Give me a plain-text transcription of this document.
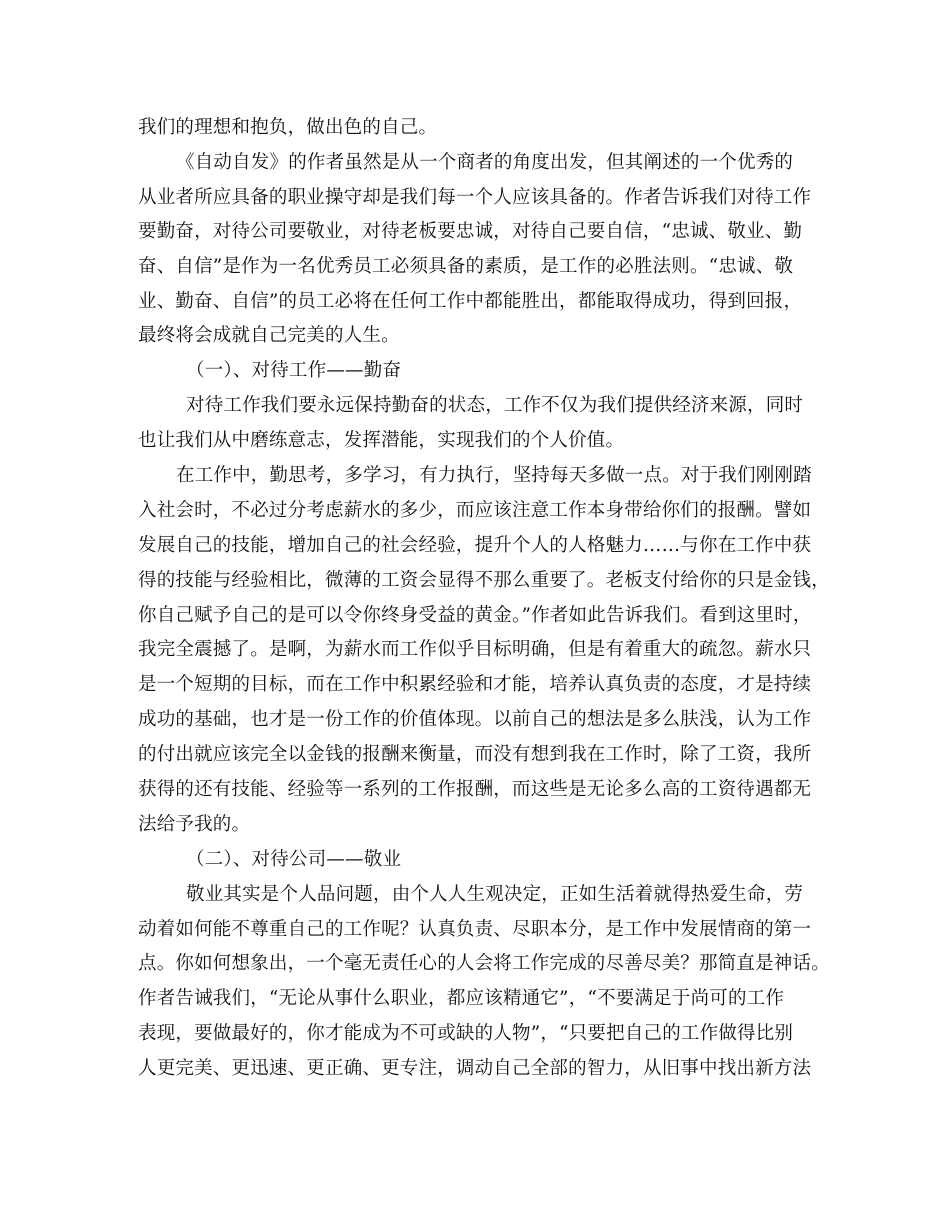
我们的理想和抱负，做出色的自己。
《自动自发》的作者虽然是从一个商者的角度出发，但其阐述的一个优秀的
从业者所应具备的职业操守却是我们每一个人应该具备的。作者告诉我们对待工作
要勤奋，对待公司要敬业，对待老板要忠诚，对待自己要自信，“忠诚、敬业、勤
奋、自信”是作为一名优秀员工必须具备的素质，是工作的必胜法则。“忠诚、敬
业、勤奋、自信”的员工必将在任何工作中都能胜出，都能取得成功，得到回报，
最终将会成就自己完美的人生。
（一）、对待工作——勤奋
对待工作我们要永远保持勤奋的状态，工作不仅为我们提供经济来源，同时
也让我们从中磨练意志，发挥潜能，实现我们的个人价值。
在工作中，勤思考，多学习，有力执行，坚持每天多做一点。对于我们刚刚踏
入社会时，不必过分考虑薪水的多少，而应该注意工作本身带给你们的报酬。譬如
发展自己的技能，增加自己的社会经验，提升个人的人格魅力……与你在工作中获
得的技能与经验相比，微薄的工资会显得不那么重要了。老板支付给你的只是金钱，
你自己赋予自己的是可以令你终身受益的黄金。”作者如此告诉我们。看到这里时，
我完全震撼了。是啊，为薪水而工作似乎目标明确，但是有着重大的疏忽。薪水只
是一个短期的目标，而在工作中积累经验和才能，培养认真负责的态度，才是持续
成功的基础，也才是一份工作的价值体现。以前自己的想法是多么肤浅，认为工作
的付出就应该完全以金钱的报酬来衡量，而没有想到我在工作时，除了工资，我所
获得的还有技能、经验等一系列的工作报酬，而这些是无论多么高的工资待遇都无
法给予我的。
（二）、对待公司——敬业
敬业其实是个人品问题，由个人人生观决定，正如生活着就得热爱生命，劳
动着如何能不尊重自己的工作呢？认真负责、尽职本分，是工作中发展情商的第一
点。你如何想象出，一个毫无责任心的人会将工作完成的尽善尽美？那简直是神话。
作者告诫我们，“无论从事什么职业，都应该精通它”，“不要满足于尚可的工作
表现，要做最好的，你才能成为不可或缺的人物”，“只要把自己的工作做得比别
人更完美、更迅速、更正确、更专注，调动自己全部的智力，从旧事中找出新方法
